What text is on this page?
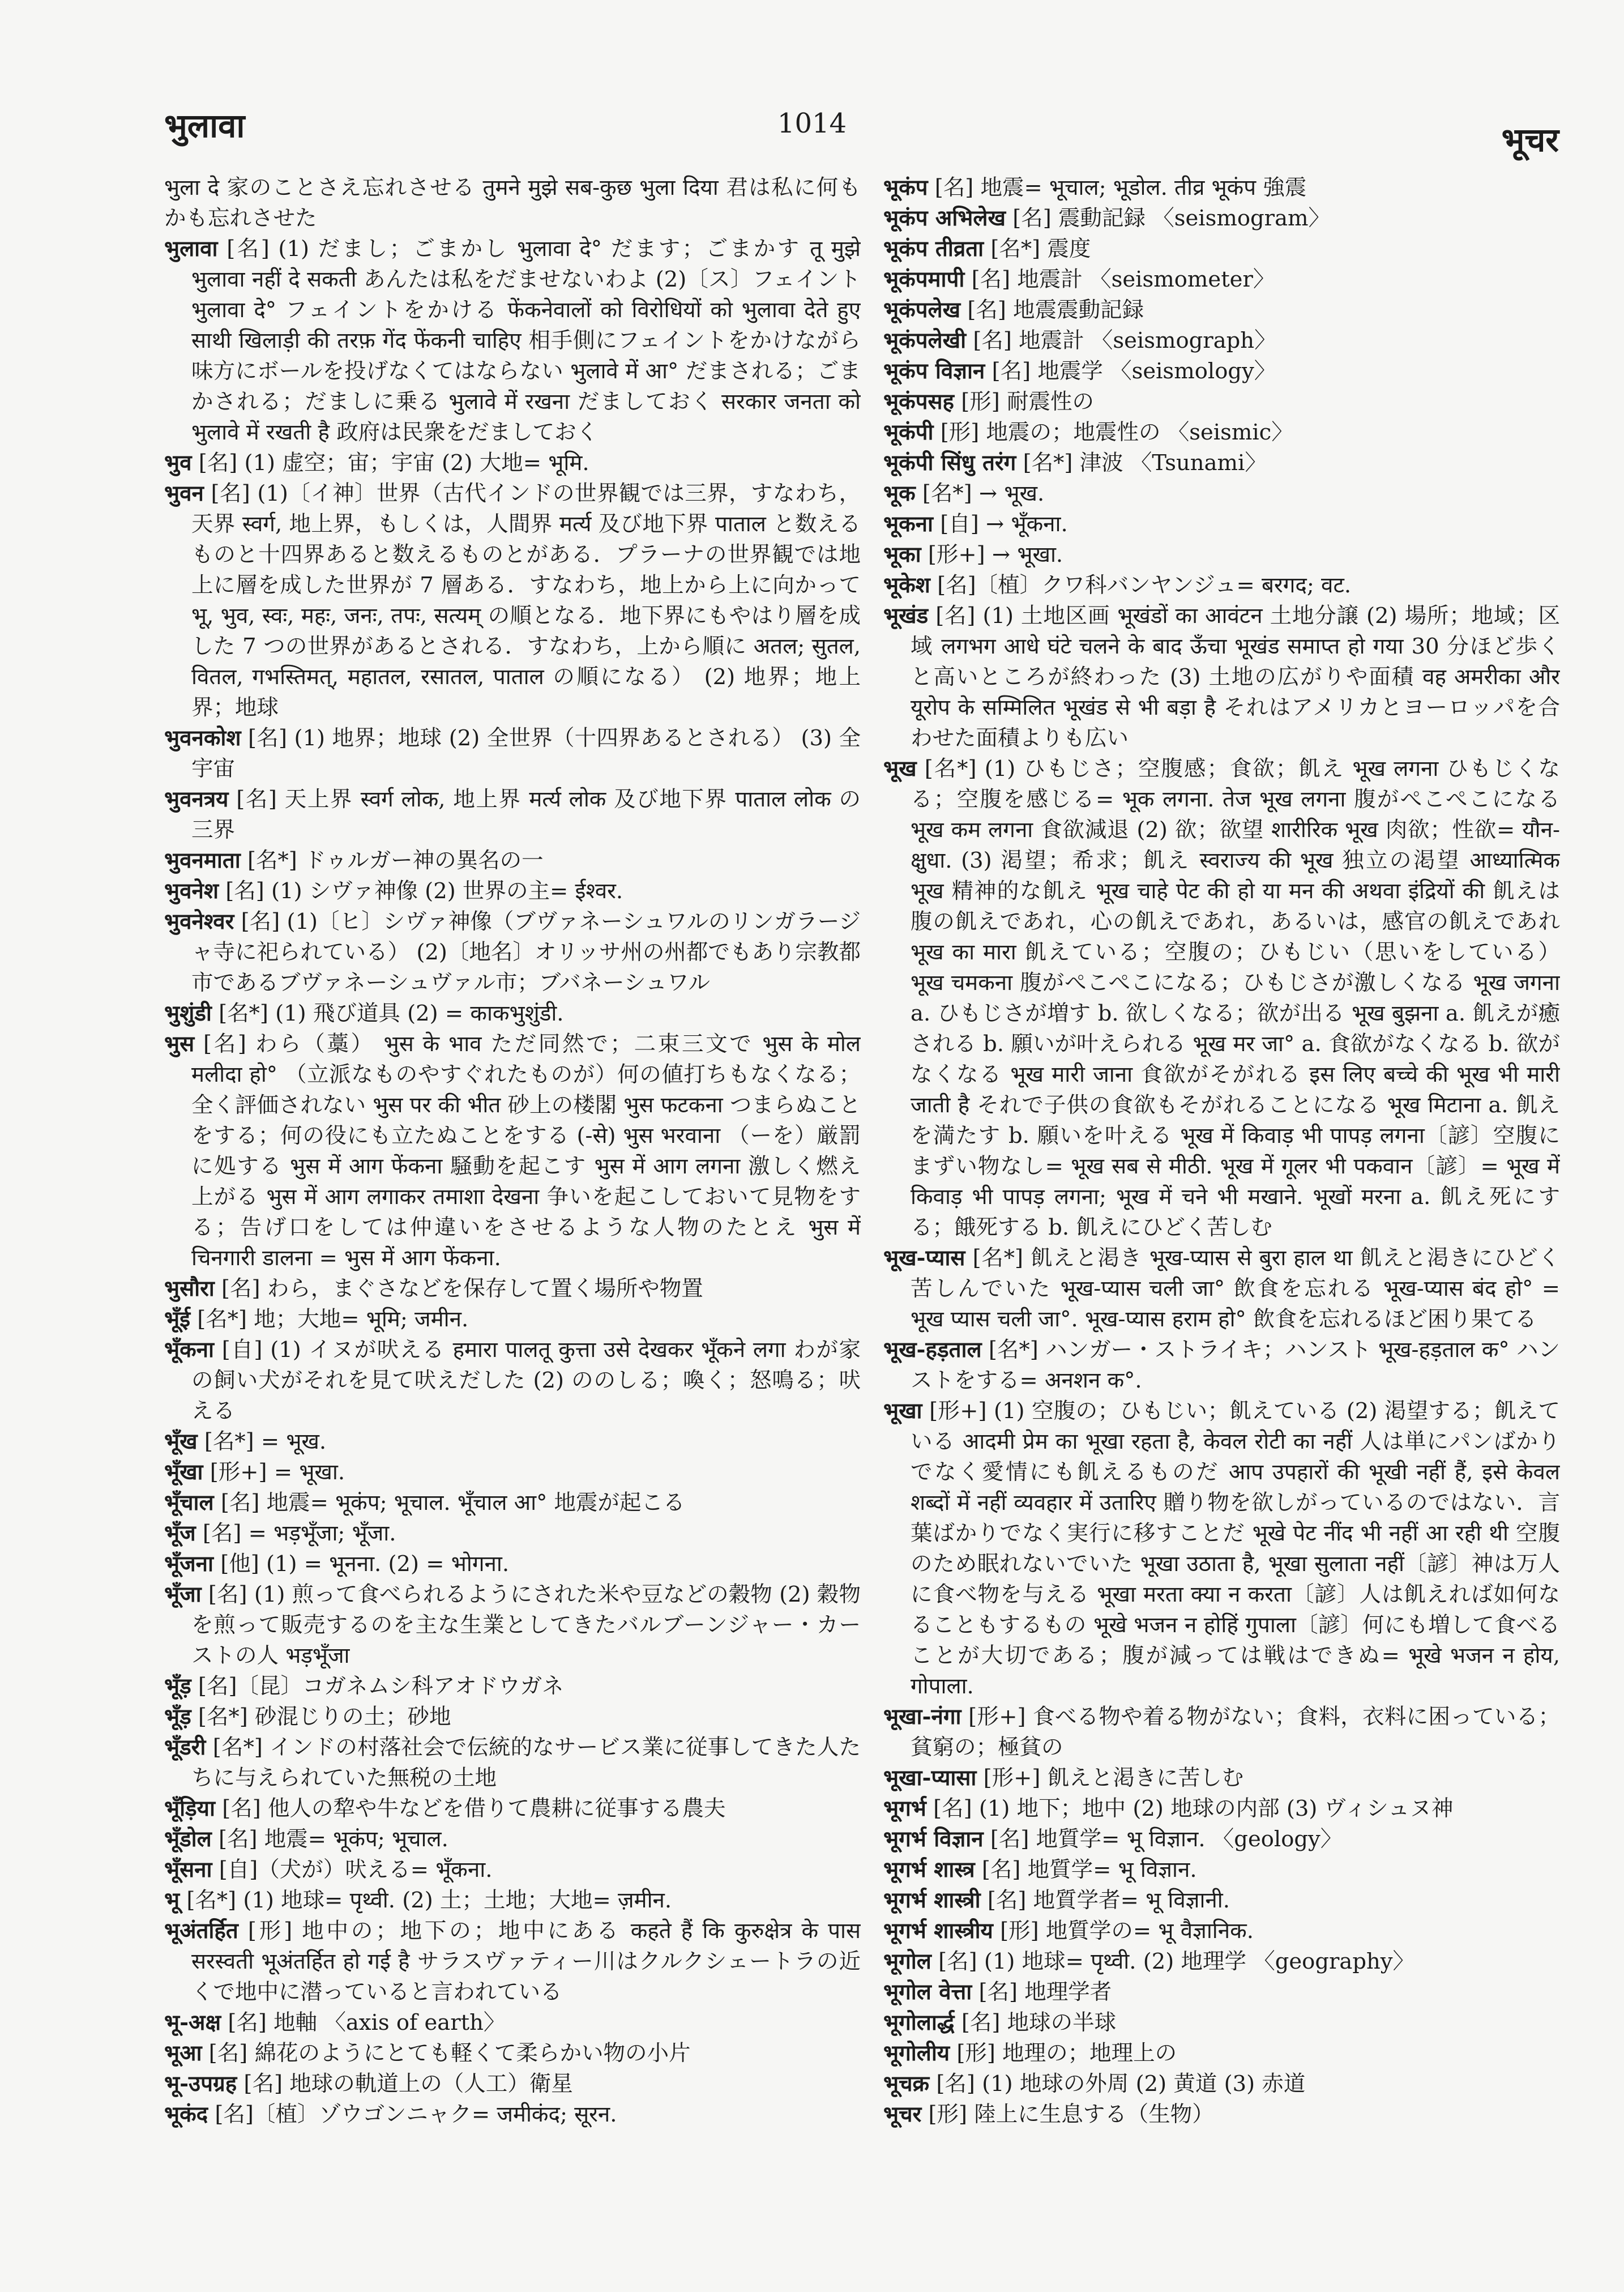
भुलावा	1014	भूचर

भुला दे 家のことさえ忘れさせる तुमने मुझे सब-कुछ भुला दिया 君は私に何もかも忘れさせた

भुलावा [名] (1) だまし；ごまかし भुलावा दे° だます；ごまかす तू मुझे भुलावा नहीं दे सकती あんたは私をだませないわよ (2)〔ス〕フェイント भुलावा दे° フェイントをかける फेंकनेवालों को विरोधियों को भुलावा देते हुए साथी खिलाड़ी की तरफ़ गेंद फेंकनी चाहिए 相手側にフェイントをかけながら味方にボールを投げなくてはならない भुलावे में आ° だまされる；ごまかされる；だましに乗る भुलावे में रखना だましておく सरकार जनता को भुलावे में रखती है 政府は民衆をだましておく

भुव [名] (1) 虚空；宙；宇宙 (2) 大地= भूमि.

भुवन [名] (1)〔イ神〕世界（古代インドの世界観では三界，すなわち，天界 स्वर्ग, 地上界，もしくは，人間界 मर्त्य 及び地下界 पाताल と数えるものと十四界あると数えるものとがある．プラーナの世界観では地上に層を成した世界が 7 層ある．すなわち，地上から上に向かって भू, भुव, स्वः, महः, जनः, तपः, सत्यम् の順となる．地下界にもやはり層を成した 7 つの世界があるとされる．すなわち，上から順に अतल; सुतल, वितल, गभस्तिमत्, महातल, रसातल, पाताल の順になる） (2) 地界；地上界；地球

भुवनकोश [名] (1) 地界；地球 (2) 全世界（十四界あるとされる） (3) 全宇宙

भुवनत्रय [名] 天上界 स्वर्ग लोक, 地上界 मर्त्य लोक 及び地下界 पाताल लोक の三界

भुवनमाता [名*] ドゥルガー神の異名の一

भुवनेश [名] (1) シヴァ神像 (2) 世界の主= ईश्वर.

भुवनेश्वर [名] (1)〔ヒ〕シヴァ神像（ブヴァネーシュワルのリンガラージャ寺に祀られている） (2)〔地名〕オリッサ州の州都でもあり宗教都市であるブヴァネーシュヴァル市；ブバネーシュワル

भुशुंडी [名*] (1) 飛び道具 (2) = काकभुशुंडी.

भुस [名] わら（藁） भुस के भाव ただ同然で；二束三文で भुस के मोल मलीदा हो° （立派なものやすぐれたものが）何の値打ちもなくなる；全く評価されない भुस पर की भीत 砂上の楼閣 भुस फटकना つまらぬことをする；何の役にも立たぬことをする (-से) भुस भरवाना （ーを）厳罰に処する भुस में आग फेंकना 騒動を起こす भुस में आग लगना 激しく燃え上がる भुस में आग लगाकर तमाशा देखना 争いを起こしておいて見物をする；告げ口をしては仲違いをさせるような人物のたとえ भुस में चिनगारी डालना = भुस में आग फेंकना.

भुसौरा [名] わら，まぐさなどを保存して置く場所や物置

भूँई [名*] 地；大地= भूमि; जमीन.

भूँकना [自] (1) イヌが吠える हमारा पालतू कुत्ता उसे देखकर भूँकने लगा わが家の飼い犬がそれを見て吠えだした (2) ののしる；喚く；怒鳴る；吠える

भूँख [名*] = भूख.

भूँखा [形+] = भूखा.

भूँचाल [名] 地震= भूकंप; भूचाल. भूँचाल आ° 地震が起こる

भूँज [名] = भड़भूँजा; भूँजा.

भूँजना [他] (1) = भूनना. (2) = भोगना.

भूँजा [名] (1) 煎って食べられるようにされた米や豆などの穀物 (2) 穀物を煎って販売するのを主な生業としてきたバルブーンジャー・カーストの人 भड़भूँजा

भूँड़ [名]〔昆〕コガネムシ科アオドウガネ

भूँड़ [名*] 砂混じりの土；砂地

भूँडरी [名*] インドの村落社会で伝統的なサービス業に従事してきた人たちに与えられていた無税の土地

भूँड़िया [名] 他人の犂や牛などを借りて農耕に従事する農夫

भूँडोल [名] 地震= भूकंप; भूचाल.

भूँसना [自]（犬が）吠える= भूँकना.

भू [名*] (1) 地球= पृथ्वी. (2) 土；土地；大地= ज़मीन.

भूअंतर्हित [形] 地中の；地下の；地中にある कहते हैं कि कुरुक्षेत्र के पास सरस्वती भूअंतर्हित हो गई है サラスヴァティー川はクルクシェートラの近くで地中に潜っていると言われている

भू-अक्ष [名] 地軸 〈axis of earth〉

भूआ [名] 綿花のようにとても軽くて柔らかい物の小片

भू-उपग्रह [名] 地球の軌道上の（人工）衛星

भूकंद [名]〔植〕ゾウゴンニャク= जमीकंद; सूरन.

भूकंप [名] 地震= भूचाल; भूडोल. तीव्र भूकंप 強震

भूकंप अभिलेख [名] 震動記録 〈seismogram〉

भूकंप तीव्रता [名*] 震度

भूकंपमापी [名] 地震計 〈seismometer〉

भूकंपलेख [名] 地震震動記録

भूकंपलेखी [名] 地震計 〈seismograph〉

भूकंप विज्ञान [名] 地震学 〈seismology〉

भूकंपसह [形] 耐震性の

भूकंपी [形] 地震の；地震性の 〈seismic〉

भूकंपी सिंधु तरंग [名*] 津波 〈Tsunami〉

भूक [名*] → भूख.

भूकना [自] → भूँकना.

भूका [形+] → भूखा.

भूकेश [名]〔植〕クワ科バンヤンジュ= बरगद; वट.

भूखंड [名] (1) 土地区画 भूखंडों का आवंटन 土地分譲 (2) 場所；地域；区域 लगभग आधे घंटे चलने के बाद ऊँचा भूखंड समाप्त हो गया 30 分ほど歩くと高いところが終わった (3) 土地の広がりや面積 वह अमरीका और यूरोप के सम्मिलित भूखंड से भी बड़ा है それはアメリカとヨーロッパを合わせた面積よりも広い

भूख [名*] (1) ひもじさ；空腹感；食欲；飢え भूख लगना ひもじくなる；空腹を感じる= भूक लगना. तेज भूख लगना 腹がぺこぺこになる भूख कम लगना 食欲減退 (2) 欲；欲望 शारीरिक भूख 肉欲；性欲= यौन-क्षुधा. (3) 渇望；希求；飢え स्वराज्य की भूख 独立の渇望 आध्यात्मिक भूख 精神的な飢え भूख चाहे पेट की हो या मन की अथवा इंद्रियों की 飢えは腹の飢えであれ，心の飢えであれ，あるいは，感官の飢えであれ भूख का मारा 飢えている；空腹の；ひもじい（思いをしている） भूख चमकना 腹がぺこぺこになる；ひもじさが激しくなる भूख जगना a. ひもじさが増す b. 欲しくなる；欲が出る भूख बुझना a. 飢えが癒される b. 願いが叶えられる भूख मर जा° a. 食欲がなくなる b. 欲がなくなる भूख मारी जाना 食欲がそがれる इस लिए बच्चे की भूख भी मारी जाती है それで子供の食欲もそがれることになる भूख मिटाना a. 飢えを満たす b. 願いを叶える भूख में किवाड़ भी पापड़ लगना〔諺〕空腹にまずい物なし= भूख सब से मीठी. भूख में गूलर भी पकवान〔諺〕= भूख में किवाड़ भी पापड़ लगना; भूख में चने भी मखाने. भूखों मरना a. 飢え死にする；餓死する b. 飢えにひどく苦しむ

भूख-प्यास [名*] 飢えと渇き भूख-प्यास से बुरा हाल था 飢えと渇きにひどく苦しんでいた भूख-प्यास चली जा° 飲食を忘れる भूख-प्यास बंद हो° = भूख प्यास चली जा°. भूख-प्यास हराम हो° 飲食を忘れるほど困り果てる

भूख-हड़ताल [名*] ハンガー・ストライキ；ハンスト भूख-हड़ताल क° ハンストをする= अनशन क°.

भूखा [形+] (1) 空腹の；ひもじい；飢えている (2) 渇望する；飢えている आदमी प्रेम का भूखा रहता है, केवल रोटी का नहीं 人は単にパンばかりでなく愛情にも飢えるものだ आप उपहारों की भूखी नहीं हैं, इसे केवल शब्दों में नहीं व्यवहार में उतारिए 贈り物を欲しがっているのではない．言葉ばかりでなく実行に移すことだ भूखे पेट नींद भी नहीं आ रही थी 空腹のため眠れないでいた भूखा उठाता है, भूखा सुलाता नहीं〔諺〕神は万人に食べ物を与える भूखा मरता क्या न करता〔諺〕人は飢えれば如何なることもするもの भूखे भजन न होहिं गुपाला〔諺〕何にも増して食べることが大切である；腹が減っては戦はできぬ= भूखे भजन न होय, गोपाला.

भूखा-नंगा [形+] 食べる物や着る物がない；食料，衣料に困っている；貧窮の；極貧の

भूखा-प्यासा [形+] 飢えと渇きに苦しむ

भूगर्भ [名] (1) 地下；地中 (2) 地球の内部 (3) ヴィシュヌ神

भूगर्भ विज्ञान [名] 地質学= भू विज्ञान. 〈geology〉

भूगर्भ शास्त्र [名] 地質学= भू विज्ञान.

भूगर्भ शास्त्री [名] 地質学者= भू विज्ञानी.

भूगर्भ शास्त्रीय [形] 地質学の= भू वैज्ञानिक.

भूगोल [名] (1) 地球= पृथ्वी. (2) 地理学 〈geography〉

भूगोल वेत्ता [名] 地理学者

भूगोलार्द्ध [名] 地球の半球

भूगोलीय [形] 地理の；地理上の

भूचक्र [名] (1) 地球の外周 (2) 黄道 (3) 赤道

भूचर [形] 陸上に生息する（生物）
